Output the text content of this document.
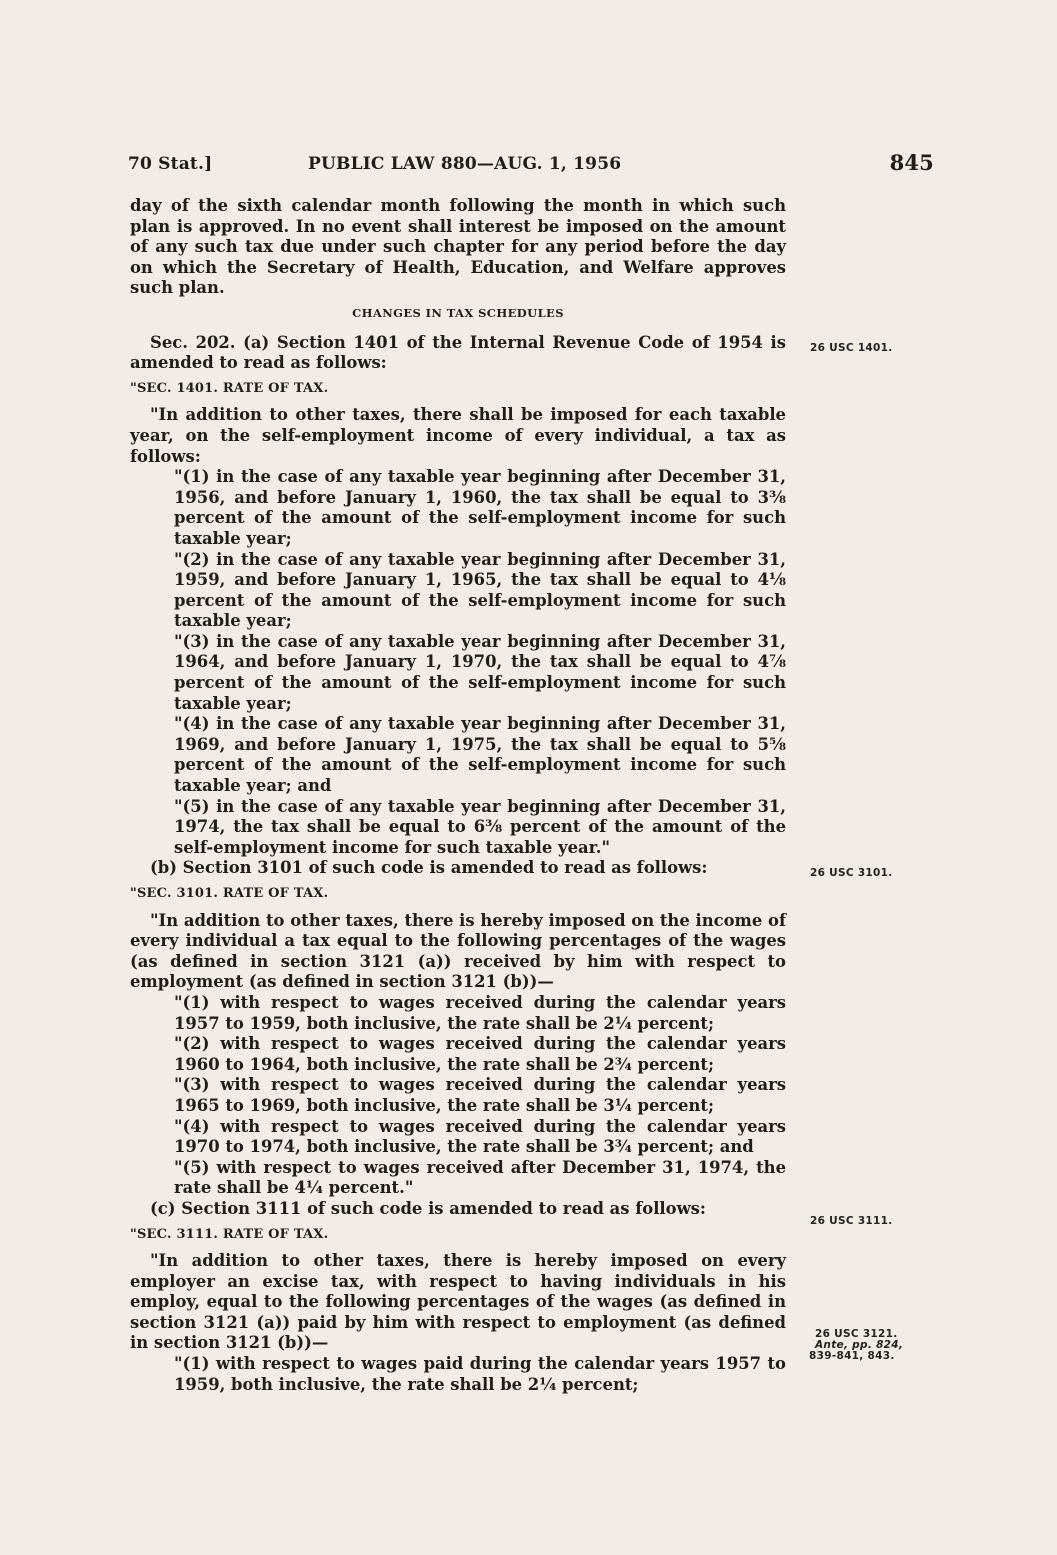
70 Stat.]	PUBLIC LAW 880—AUG. 1, 1956	845

day of the sixth calendar month following the month in which such plan is approved. In no event shall interest be imposed on the amount of any such tax due under such chapter for any period before the day on which the Secretary of Health, Education, and Welfare approves such plan.

CHANGES IN TAX SCHEDULES

Sec. 202. (a) Section 1401 of the Internal Revenue Code of 1954 is amended to read as follows:

"SEC. 1401. RATE OF TAX.

"In addition to other taxes, there shall be imposed for each taxable year, on the self-employment income of every individual, a tax as follows:

"(1) in the case of any taxable year beginning after December 31, 1956, and before January 1, 1960, the tax shall be equal to 3⅜ percent of the amount of the self-employment income for such taxable year;

"(2) in the case of any taxable year beginning after December 31, 1959, and before January 1, 1965, the tax shall be equal to 4⅛ percent of the amount of the self-employment income for such taxable year;

"(3) in the case of any taxable year beginning after December 31, 1964, and before January 1, 1970, the tax shall be equal to 4⅞ percent of the amount of the self-employment income for such taxable year;

"(4) in the case of any taxable year beginning after December 31, 1969, and before January 1, 1975, the tax shall be equal to 5⅝ percent of the amount of the self-employment income for such taxable year; and

"(5) in the case of any taxable year beginning after December 31, 1974, the tax shall be equal to 6⅜ percent of the amount of the self-employment income for such taxable year."

(b) Section 3101 of such code is amended to read as follows:

"SEC. 3101. RATE OF TAX.

"In addition to other taxes, there is hereby imposed on the income of every individual a tax equal to the following percentages of the wages (as defined in section 3121 (a)) received by him with respect to employment (as defined in section 3121 (b))—

"(1) with respect to wages received during the calendar years 1957 to 1959, both inclusive, the rate shall be 2¼ percent;

"(2) with respect to wages received during the calendar years 1960 to 1964, both inclusive, the rate shall be 2¾ percent;

"(3) with respect to wages received during the calendar years 1965 to 1969, both inclusive, the rate shall be 3¼ percent;

"(4) with respect to wages received during the calendar years 1970 to 1974, both inclusive, the rate shall be 3¾ percent; and

"(5) with respect to wages received after December 31, 1974, the rate shall be 4¼ percent."

(c) Section 3111 of such code is amended to read as follows:

"SEC. 3111. RATE OF TAX.

"In addition to other taxes, there is hereby imposed on every employer an excise tax, with respect to having individuals in his employ, equal to the following percentages of the wages (as defined in section 3121 (a)) paid by him with respect to employment (as defined in section 3121 (b))—

"(1) with respect to wages paid during the calendar years 1957 to 1959, both inclusive, the rate shall be 2¼ percent;

26 USC 1401.
26 USC 3101.
26 USC 3111.
26 USC 3121.
Ante, pp. 824,
839-841, 843.
